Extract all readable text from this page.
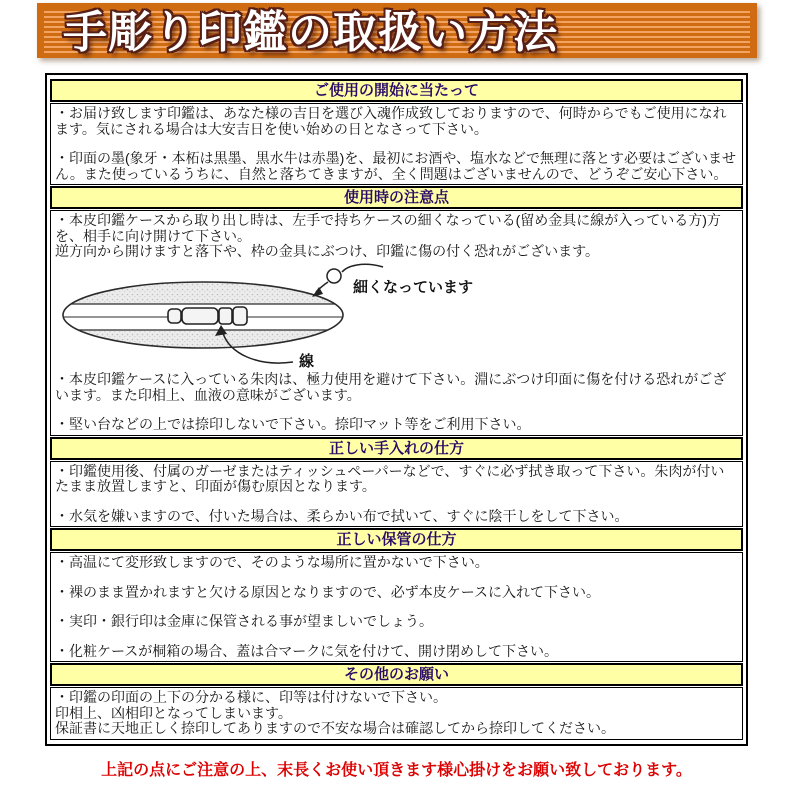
手彫り印鑑の取扱い方法
ご使用の開始に当たって
・お届け致します印鑑は、あなた様の吉日を選び入魂作成致しておりますので、何時からでもご使用になれます。気にされる場合は大安吉日を使い始めの日となさって下さい。
・印面の墨(象牙・本柘は黒墨、黒水牛は赤墨)を、最初にお酒や、塩水などで無理に落とす必要はございません。また使っているうちに、自然と落ちてきますが、全く問題はございませんので、どうぞご安心下さい。
使用時の注意点
・本皮印鑑ケースから取り出し時は、左手で持ちケースの細くなっている(留め金具に線が入っている方)方を、相手に向け開けて下さい。
逆方向から開けますと落下や、枠の金具にぶつけ、印鑑に傷の付く恐れがございます。
細くなっています
線
・本皮印鑑ケースに入っている朱肉は、極力使用を避けて下さい。淵にぶつけ印面に傷を付ける恐れがございます。また印相上、血液の意味がございます。
・堅い台などの上では捺印しないで下さい。捺印マット等をご利用下さい。
正しい手入れの仕方
・印鑑使用後、付属のガーゼまたはティッシュペーパーなどで、すぐに必ず拭き取って下さい。朱肉が付いたまま放置しますと、印面が傷む原因となります。
・水気を嫌いますので、付いた場合は、柔らかい布で拭いて、すぐに陰干しをして下さい。
正しい保管の仕方
・高温にて変形致しますので、そのような場所に置かないで下さい。
・裸のまま置かれますと欠ける原因となりますので、必ず本皮ケースに入れて下さい。
・実印・銀行印は金庫に保管される事が望ましいでしょう。
・化粧ケースが桐箱の場合、蓋は合マークに気を付けて、開け閉めして下さい。
その他のお願い
・印鑑の印面の上下の分かる様に、印等は付けないで下さい。
印相上、凶相印となってしまいます。
保証書に天地正しく捺印してありますので不安な場合は確認してから捺印してください。
上記の点にご注意の上、末長くお使い頂きます様心掛けをお願い致しております。
